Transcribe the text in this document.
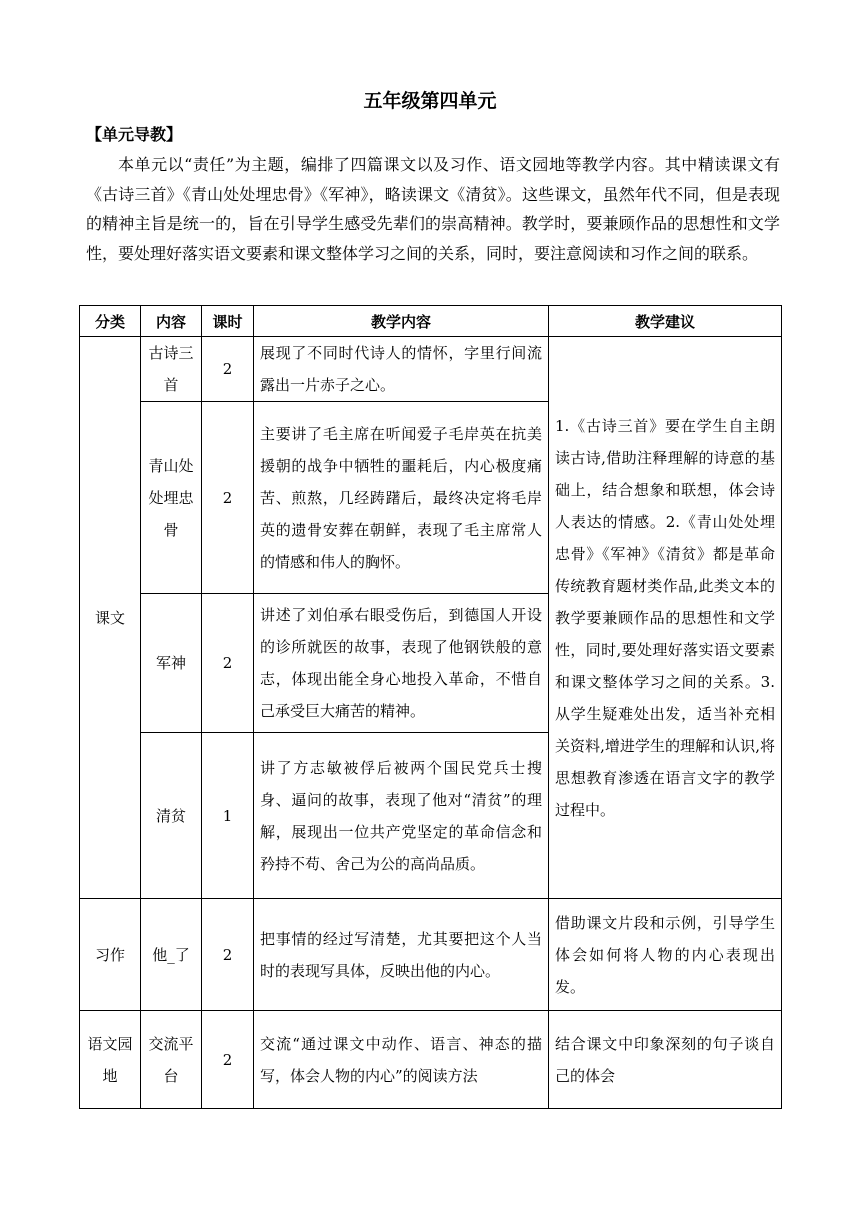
五年级第四单元
【单元导教】

本单元以“责任”为主题，编排了四篇课文以及习作、语文园地等教学内容。其中精读课文有《古诗三首》《青山处处埋忠骨》《军神》，略读课文《清贫》。这些课文，虽然年代不同，但是表现的精神主旨是统一的，旨在引导学生感受先辈们的崇高精神。教学时，要兼顾作品的思想性和文学性，要处理好落实语文要素和课文整体学习之间的关系，同时，要注意阅读和习作之间的联系。

分类	内容	课时	教学内容	教学建议
课文	古诗三首	2	展现了不同时代诗人的情怀，字里行间流露出一片赤子之心。	1.《古诗三首》要在学生自主朗读古诗,借助注释理解的诗意的基础上，结合想象和联想，体会诗人表达的情感。2.《青山处处埋忠骨》《军神》《清贫》都是革命传统教育题材类作品,此类文本的教学要兼顾作品的思想性和文学性，同时,要处理好落实语文要素和课文整体学习之间的关系。3.从学生疑难处出发，适当补充相关资料,增进学生的理解和认识,将思想教育渗透在语言文字的教学过程中。
	青山处处埋忠骨	2	主要讲了毛主席在听闻爱子毛岸英在抗美援朝的战争中牺牲的噩耗后，内心极度痛苦、煎熬，几经踌躇后，最终决定将毛岸英的遗骨安葬在朝鲜，表现了毛主席常人的情感和伟人的胸怀。	
	军神	2	讲述了刘伯承右眼受伤后，到德国人开设的诊所就医的故事，表现了他钢铁般的意志，体现出能全身心地投入革命，不惜自己承受巨大痛苦的精神。	
	清贫	1	讲了方志敏被俘后被两个国民党兵士搜身、逼问的故事，表现了他对“清贫”的理解，展现出一位共产党坚定的革命信念和矜持不苟、舍己为公的高尚品质。	
习作	他_了	2	把事情的经过写清楚，尤其要把这个人当时的表现写具体，反映出他的内心。	借助课文片段和示例，引导学生体会如何将人物的内心表现出发。
语文园地	交流平台	2	交流“通过课文中动作、语言、神态的描写，体会人物的内心”的阅读方法	结合课文中印象深刻的句子谈自己的体会
